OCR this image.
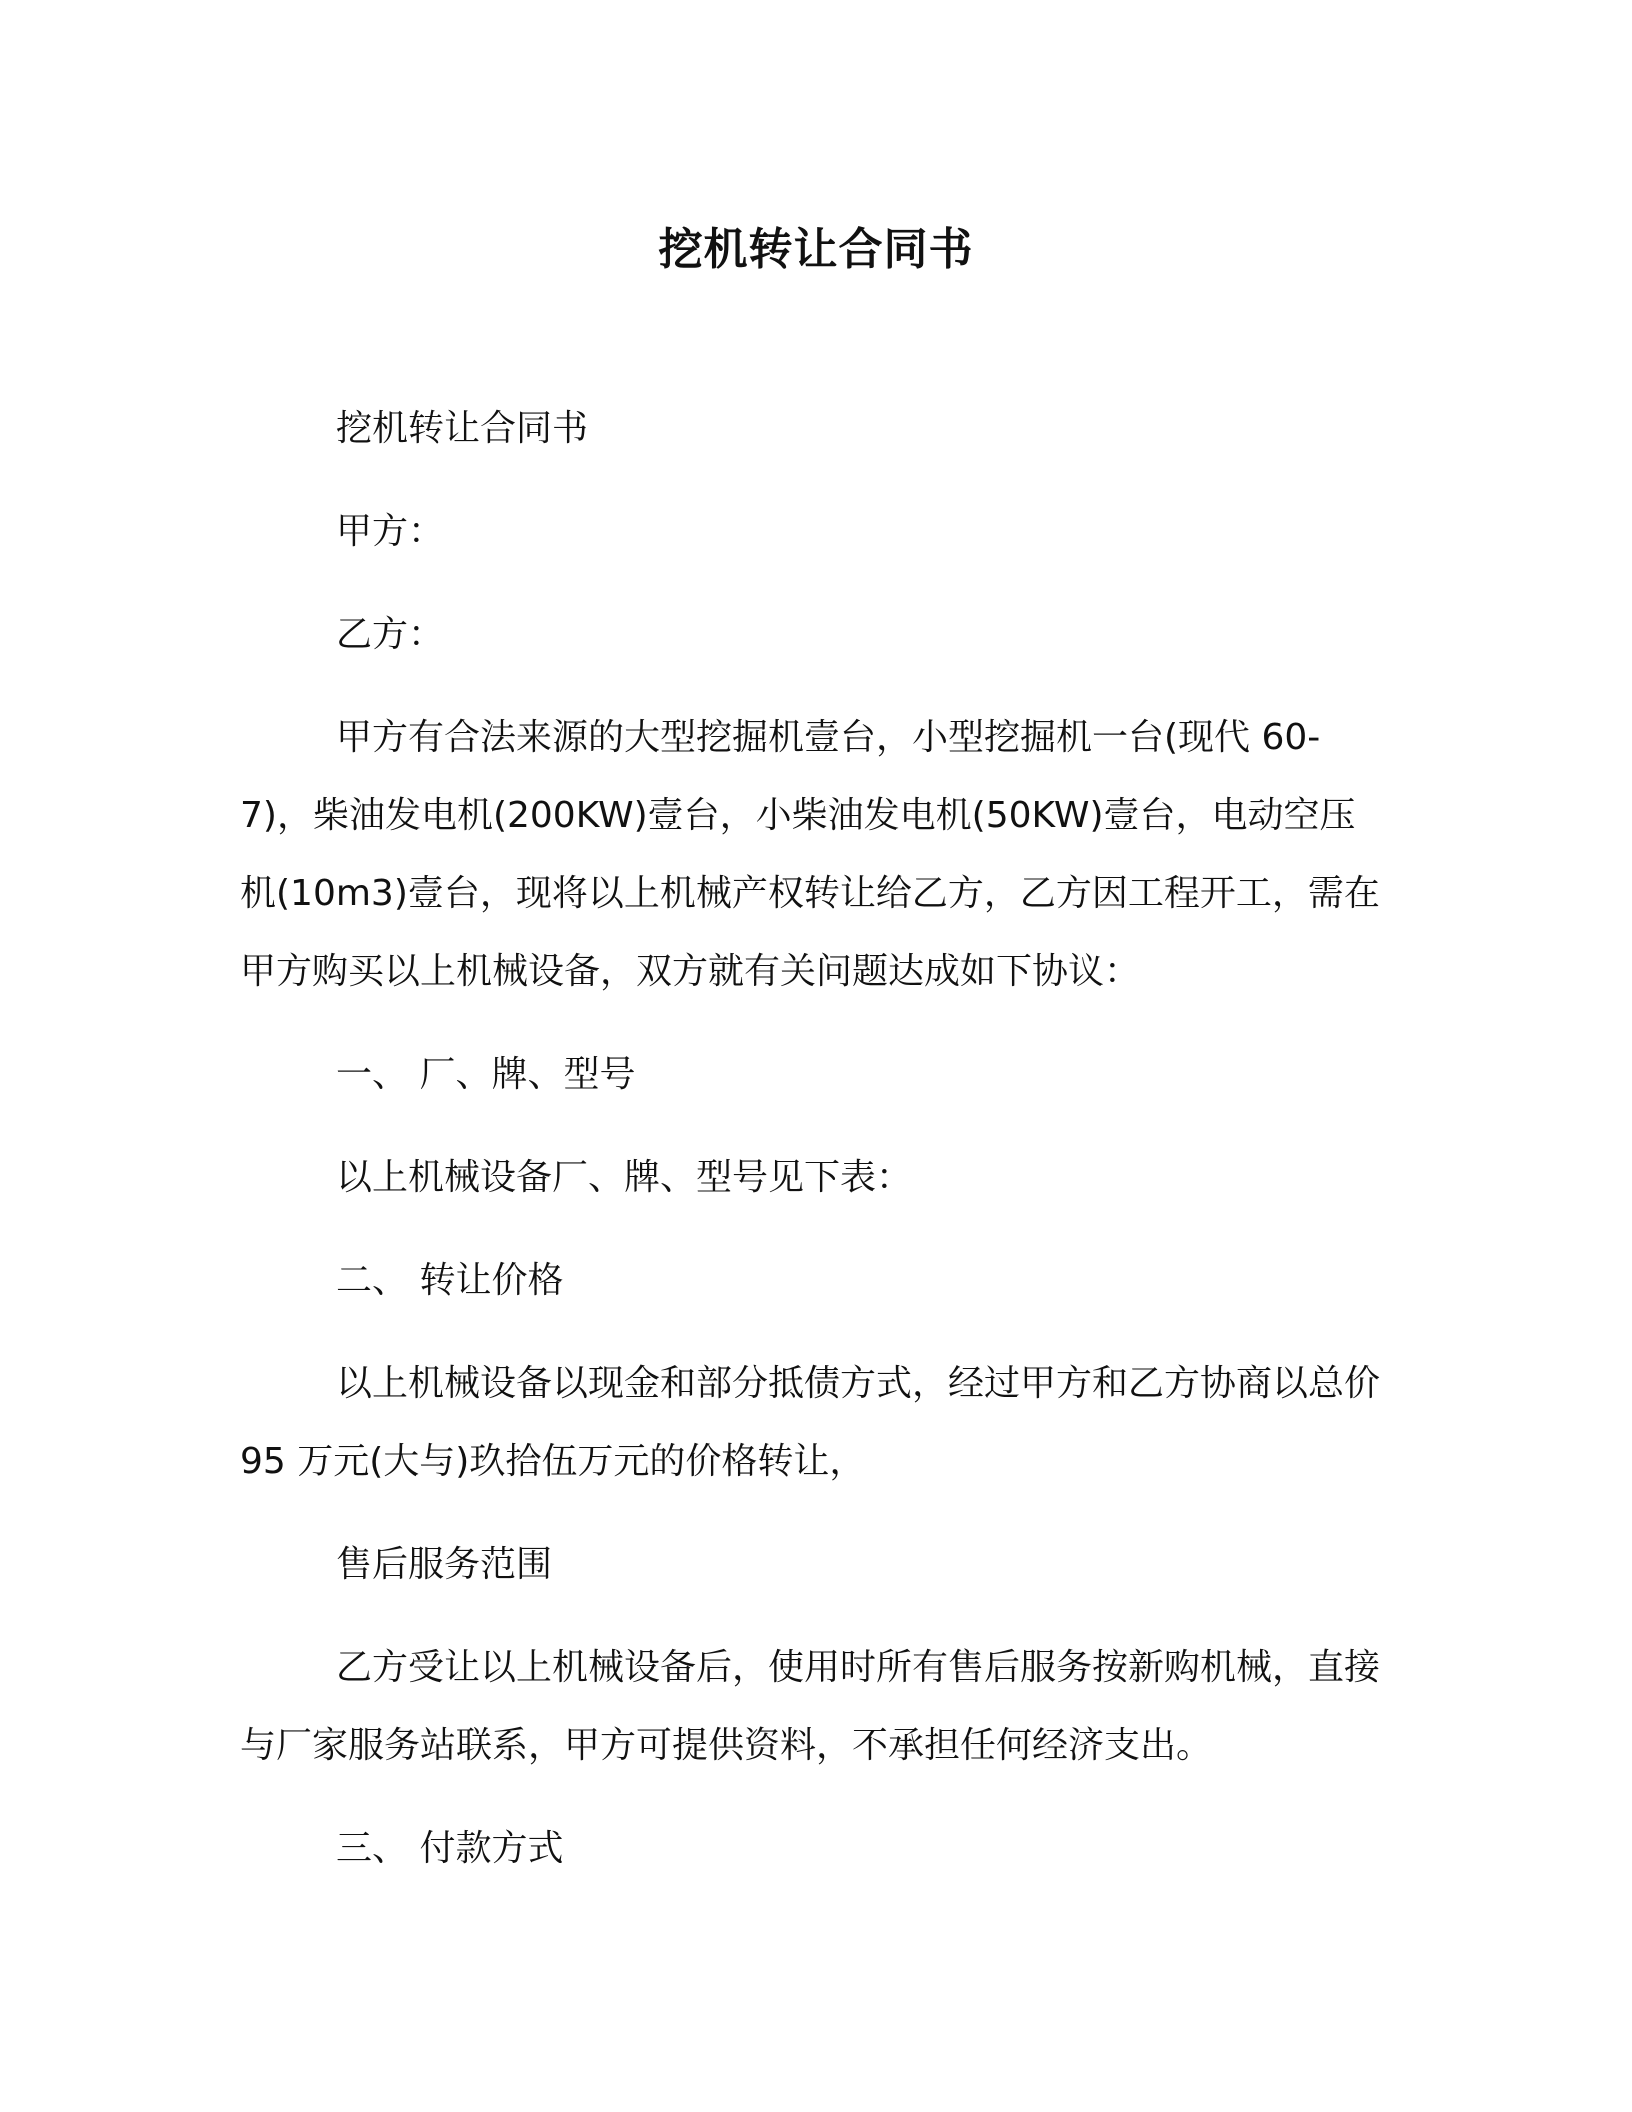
挖机转让合同书

挖机转让合同书

甲方：

乙方：

甲方有合法来源的大型挖掘机壹台，小型挖掘机一台(现代 60-7)，柴油发电机(200KW)壹台，小柴油发电机(50KW)壹台，电动空压机(10m3)壹台，现将以上机械产权转让给乙方，乙方因工程开工，需在甲方购买以上机械设备，双方就有关问题达成如下协议：

一、 厂、牌、型号

以上机械设备厂、牌、型号见下表：

二、 转让价格

以上机械设备以现金和部分抵债方式，经过甲方和乙方协商以总价 95 万元(大与)玖拾伍万元的价格转让，

售后服务范围

乙方受让以上机械设备后，使用时所有售后服务按新购机械，直接与厂家服务站联系，甲方可提供资料，不承担任何经济支出。

三、 付款方式
